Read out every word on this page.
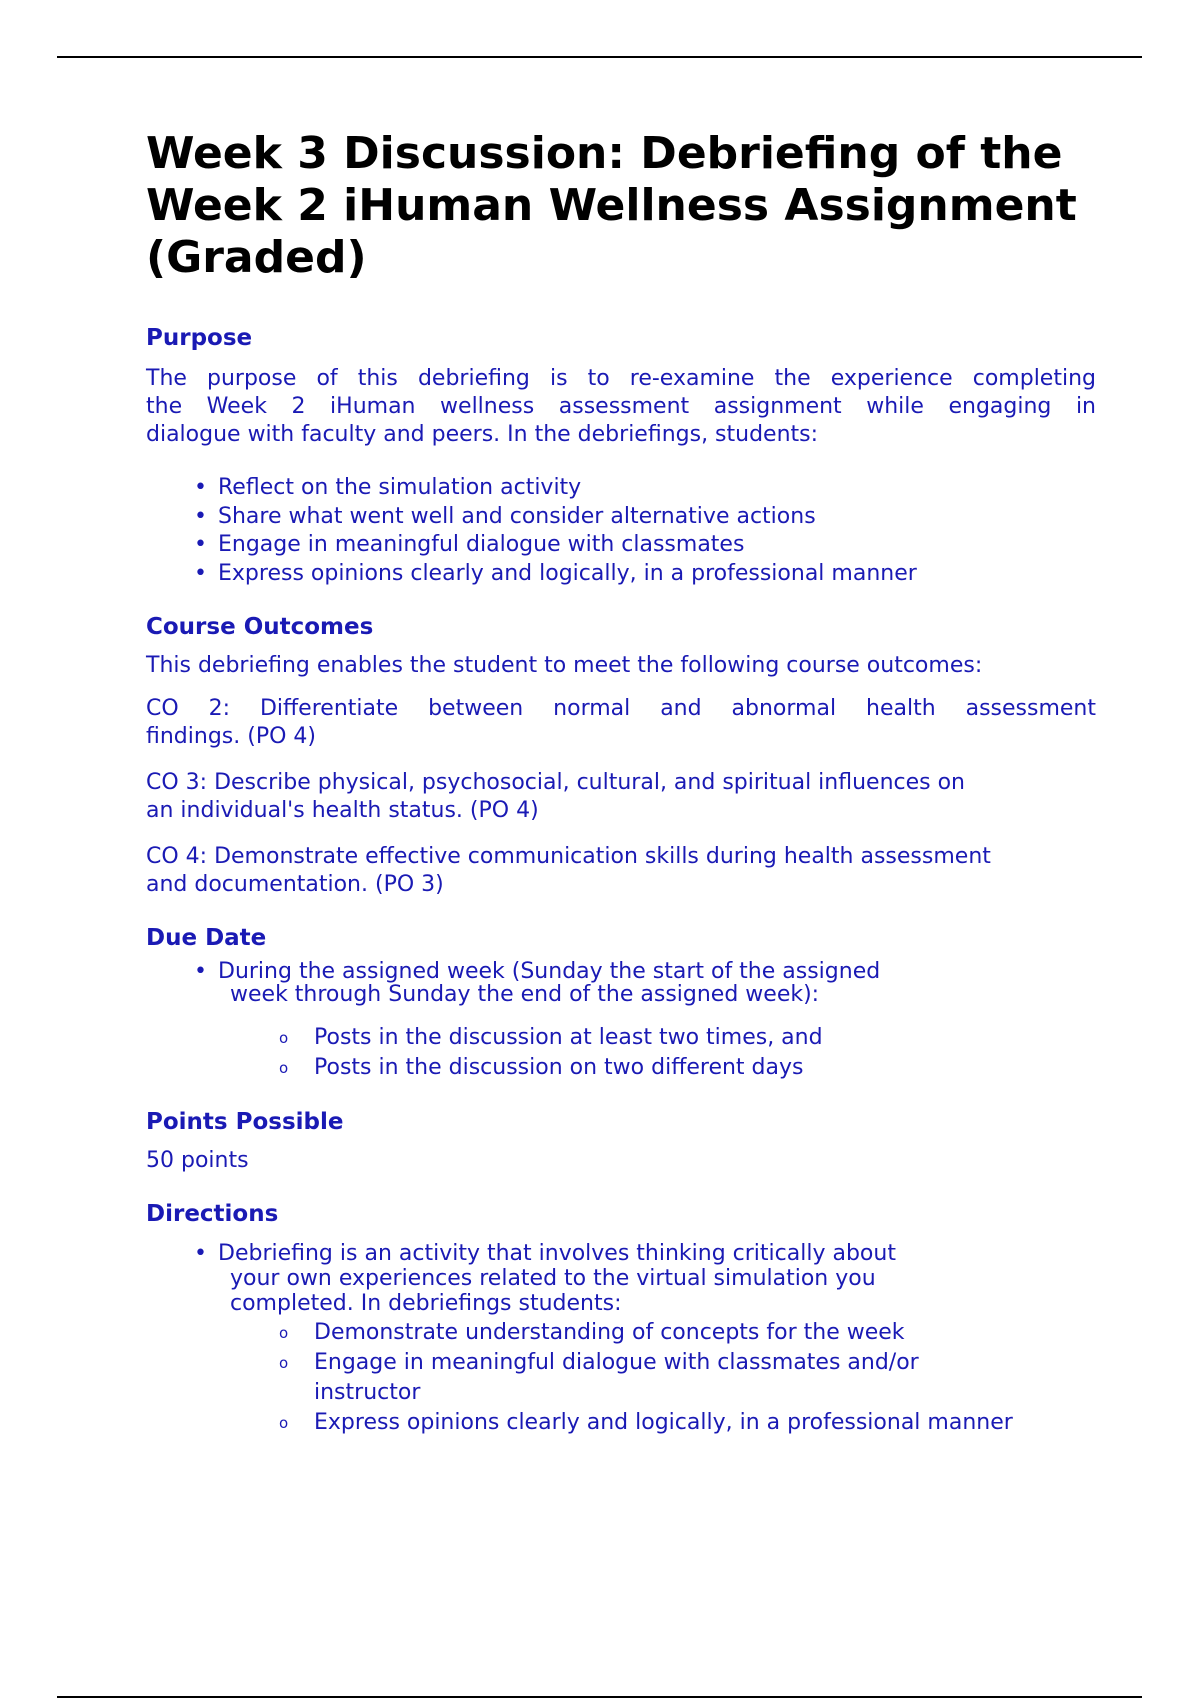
Week 3 Discussion: Debriefing of the
Week 2 iHuman Wellness Assignment
(Graded)
Purpose

The purpose of this debriefing is to re-examine the experience completing
the Week 2 iHuman wellness assessment assignment while engaging in
dialogue with faculty and peers. In the debriefings, students:

• Reflect on the simulation activity
• Share what went well and consider alternative actions
• Engage in meaningful dialogue with classmates
• Express opinions clearly and logically, in a professional manner
Course Outcomes

This debriefing enables the student to meet the following course outcomes:

CO 2: Differentiate between normal and abnormal health assessment
findings. (PO 4)

CO 3: Describe physical, psychosocial, cultural, and spiritual influences on
an individual's health status. (PO 4)

CO 4: Demonstrate effective communication skills during health assessment
and documentation. (PO 3)

Due Date
• During the assigned week (Sunday the start of the assigned
week through Sunday the end of the assigned week):
o Posts in the discussion at least two times, and
o Posts in the discussion on two different days
Points Possible

50 points

Directions
• Debriefing is an activity that involves thinking critically about
your own experiences related to the virtual simulation you
completed. In debriefings students:
o Demonstrate understanding of concepts for the week
o Engage in meaningful dialogue with classmates and/or
instructor
o Express opinions clearly and logically, in a professional manner
